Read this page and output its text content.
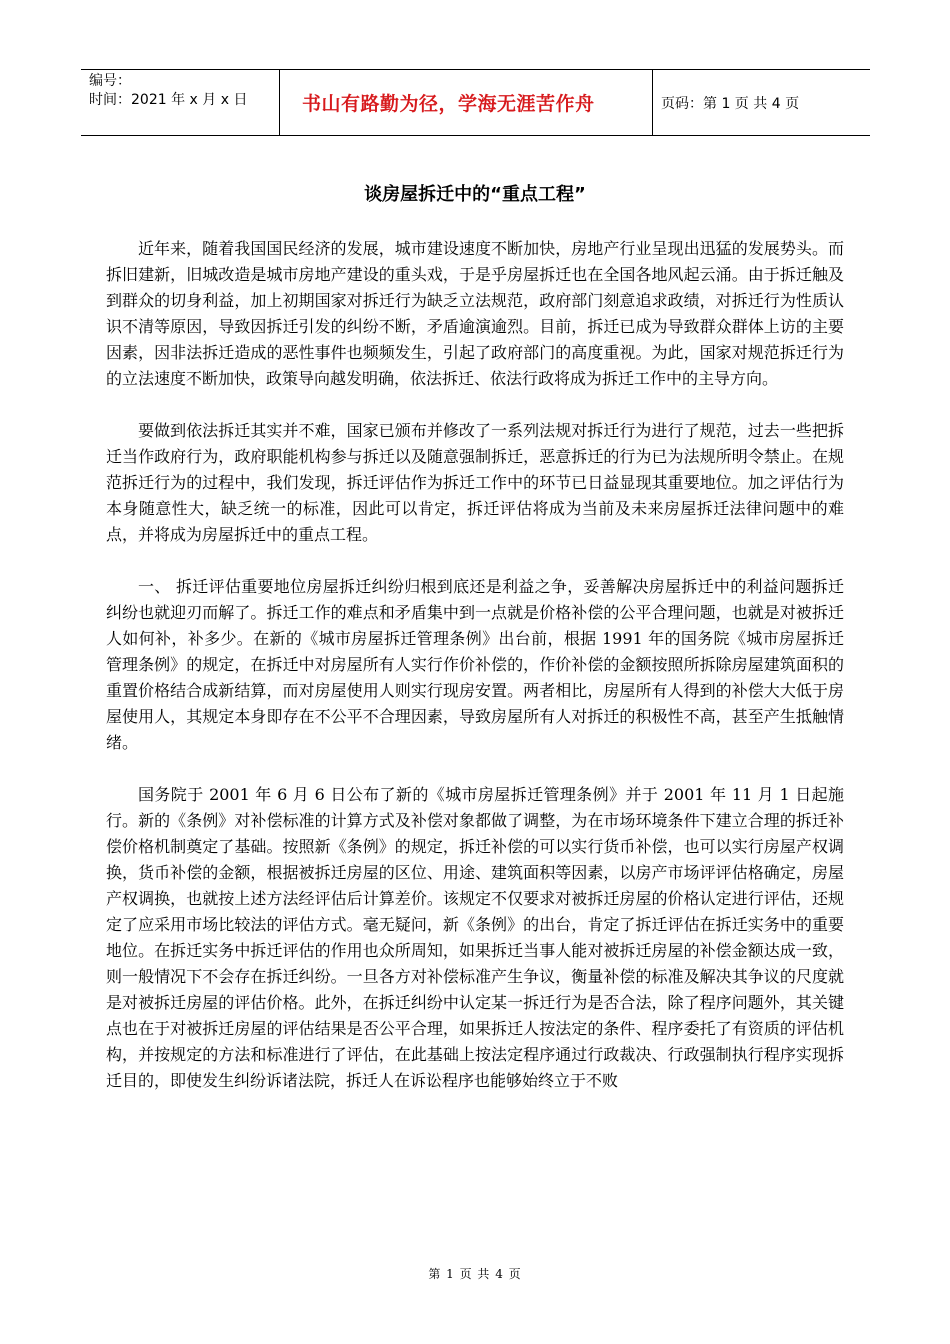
编号：
时间：2021 年 x 月 x 日	书山有路勤为径，学海无涯苦作舟	页码：第 1 页 共 4 页
谈房屋拆迁中的“重点工程”

近年来，随着我国国民经济的发展，城市建设速度不断加快，房地产行业呈现出迅猛的发展势头。而拆旧建新，旧城改造是城市房地产建设的重头戏，于是乎房屋拆迁也在全国各地风起云涌。由于拆迁触及到群众的切身利益，加上初期国家对拆迁行为缺乏立法规范，政府部门刻意追求政绩，对拆迁行为性质认识不清等原因，导致因拆迁引发的纠纷不断，矛盾逾演逾烈。目前，拆迁已成为导致群众群体上访的主要因素，因非法拆迁造成的恶性事件也频频发生，引起了政府部门的高度重视。为此，国家对规范拆迁行为的立法速度不断加快，政策导向越发明确，依法拆迁、依法行政将成为拆迁工作中的主导方向。

要做到依法拆迁其实并不难，国家已颁布并修改了一系列法规对拆迁行为进行了规范，过去一些把拆迁当作政府行为，政府职能机构参与拆迁以及随意强制拆迁，恶意拆迁的行为已为法规所明令禁止。在规范拆迁行为的过程中，我们发现，拆迁评估作为拆迁工作中的环节已日益显现其重要地位。加之评估行为本身随意性大，缺乏统一的标准，因此可以肯定，拆迁评估将成为当前及未来房屋拆迁法律问题中的难点，并将成为房屋拆迁中的重点工程。

一、 拆迁评估重要地位房屋拆迁纠纷归根到底还是利益之争，妥善解决房屋拆迁中的利益问题拆迁纠纷也就迎刃而解了。拆迁工作的难点和矛盾集中到一点就是价格补偿的公平合理问题，也就是对被拆迁人如何补，补多少。在新的《城市房屋拆迁管理条例》出台前，根据 1991 年的国务院《城市房屋拆迁管理条例》的规定，在拆迁中对房屋所有人实行作价补偿的，作价补偿的金额按照所拆除房屋建筑面积的重置价格结合成新结算，而对房屋使用人则实行现房安置。两者相比，房屋所有人得到的补偿大大低于房屋使用人，其规定本身即存在不公平不合理因素，导致房屋所有人对拆迁的积极性不高，甚至产生抵触情绪。

国务院于 2001 年 6 月 6 日公布了新的《城市房屋拆迁管理条例》并于 2001 年 11 月 1 日起施行。新的《条例》对补偿标准的计算方式及补偿对象都做了调整，为在市场环境条件下建立合理的拆迁补偿价格机制奠定了基础。按照新《条例》的规定，拆迁补偿的可以实行货币补偿，也可以实行房屋产权调换，货币补偿的金额，根据被拆迁房屋的区位、用途、建筑面积等因素，以房产市场评评估格确定，房屋产权调换，也就按上述方法经评估后计算差价。该规定不仅要求对被拆迁房屋的价格认定进行评估，还规定了应采用市场比较法的评估方式。毫无疑问，新《条例》的出台，肯定了拆迁评估在拆迁实务中的重要地位。在拆迁实务中拆迁评估的作用也众所周知，如果拆迁当事人能对被拆迁房屋的补偿金额达成一致，则一般情况下不会存在拆迁纠纷。一旦各方对补偿标准产生争议，衡量补偿的标准及解决其争议的尺度就是对被拆迁房屋的评估价格。此外，在拆迁纠纷中认定某一拆迁行为是否合法，除了程序问题外，其关键点也在于对被拆迁房屋的评估结果是否公平合理，如果拆迁人按法定的条件、程序委托了有资质的评估机构，并按规定的方法和标准进行了评估，在此基础上按法定程序通过行政裁决、行政强制执行程序实现拆迁目的，即使发生纠纷诉诸法院，拆迁人在诉讼程序也能够始终立于不败

第 1 页 共 4 页
